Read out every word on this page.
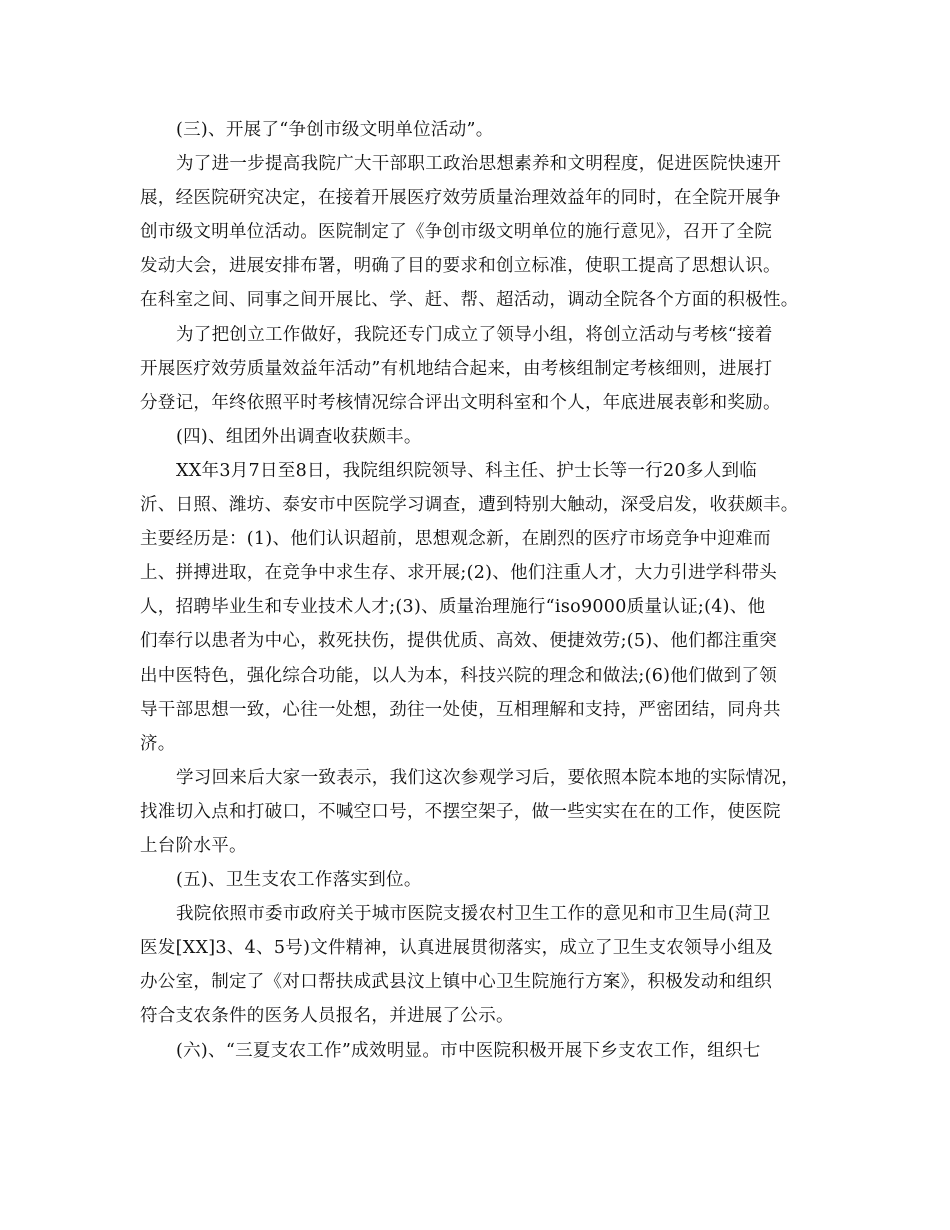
(三)、开展了“争创市级文明单位活动”。
为了进一步提高我院广大干部职工政治思想素养和文明程度，促进医院快速开
展，经医院研究决定，在接着开展医疗效劳质量治理效益年的同时，在全院开展争
创市级文明单位活动。医院制定了《争创市级文明单位的施行意见》，召开了全院
发动大会，进展安排布署，明确了目的要求和创立标准，使职工提高了思想认识。
在科室之间、同事之间开展比、学、赶、帮、超活动，调动全院各个方面的积极性。
为了把创立工作做好，我院还专门成立了领导小组，将创立活动与考核“接着
开展医疗效劳质量效益年活动”有机地结合起来，由考核组制定考核细则，进展打
分登记，年终依照平时考核情况综合评出文明科室和个人，年底进展表彰和奖励。
(四)、组团外出调查收获颇丰。
XX年3月7日至8日，我院组织院领导、科主任、护士长等一行20多人到临
沂、日照、潍坊、泰安市中医院学习调查，遭到特别大触动，深受启发，收获颇丰。
主要经历是：(1)、他们认识超前，思想观念新，在剧烈的医疗市场竞争中迎难而
上、拼搏进取，在竞争中求生存、求开展;(2)、他们注重人才，大力引进学科带头
人，招聘毕业生和专业技术人才;(3)、质量治理施行“iso9000质量认证;(4)、他
们奉行以患者为中心，救死扶伤，提供优质、高效、便捷效劳;(5)、他们都注重突
出中医特色，强化综合功能，以人为本，科技兴院的理念和做法;(6)他们做到了领
导干部思想一致，心往一处想，劲往一处使，互相理解和支持，严密团结，同舟共
济。
学习回来后大家一致表示，我们这次参观学习后，要依照本院本地的实际情况，
找准切入点和打破口，不喊空口号，不摆空架子，做一些实实在在的工作，使医院
上台阶水平。
(五)、卫生支农工作落实到位。
我院依照市委市政府关于城市医院支援农村卫生工作的意见和市卫生局(菏卫
医发[XX]3、4、5号)文件精神，认真进展贯彻落实，成立了卫生支农领导小组及
办公室，制定了《对口帮扶成武县汶上镇中心卫生院施行方案》，积极发动和组织
符合支农条件的医务人员报名，并进展了公示。
(六)、“三夏支农工作”成效明显。市中医院积极开展下乡支农工作，组织七
